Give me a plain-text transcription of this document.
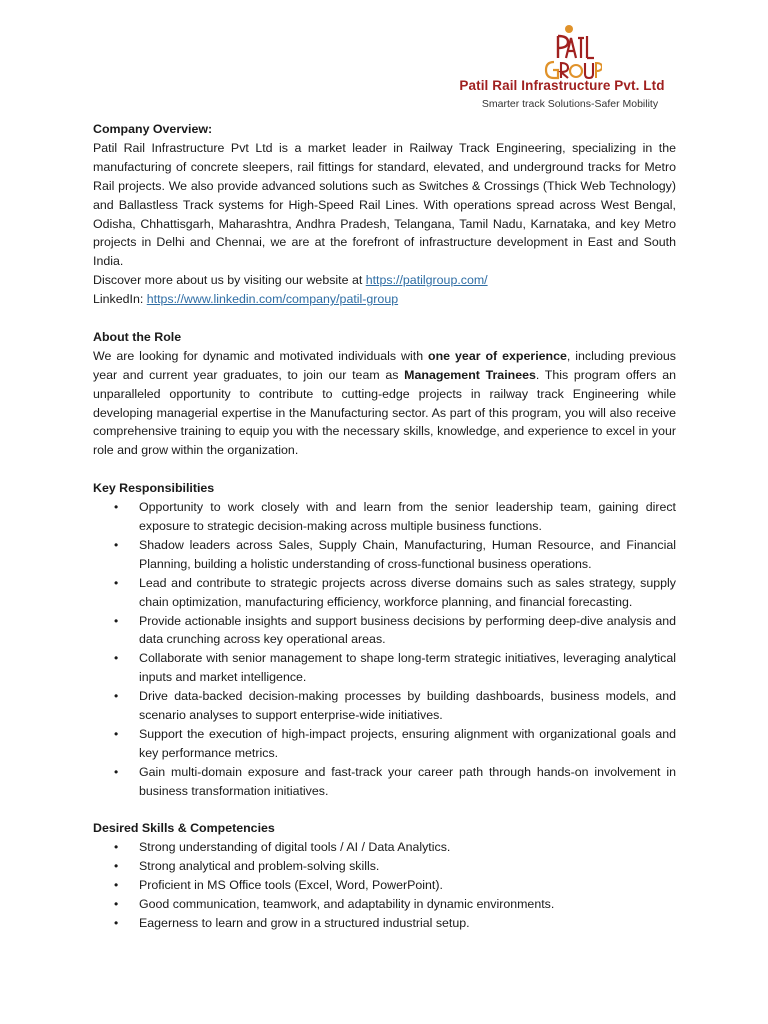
Patil Rail Infrastructure Pvt. Ltd
Smarter track Solutions-Safer Mobility

Company Overview:

Patil Rail Infrastructure Pvt Ltd is a market leader in Railway Track Engineering, specializing in the manufacturing of concrete sleepers, rail fittings for standard, elevated, and underground tracks for Metro Rail projects. We also provide advanced solutions such as Switches & Crossings (Thick Web Technology) and Ballastless Track systems for High-Speed Rail Lines. With operations spread across West Bengal, Odisha, Chhattisgarh, Maharashtra, Andhra Pradesh, Telangana, Tamil Nadu, Karnataka, and key Metro projects in Delhi and Chennai, we are at the forefront of infrastructure development in East and South India.

Discover more about us by visiting our website at https://patilgroup.com/

LinkedIn: https://www.linkedin.com/company/patil-group

About the Role

We are looking for dynamic and motivated individuals with one year of experience, including previous year and current year graduates, to join our team as Management Trainees. This program offers an unparalleled opportunity to contribute to cutting-edge projects in railway track Engineering while developing managerial expertise in the Manufacturing sector. As part of this program, you will also receive comprehensive training to equip you with the necessary skills, knowledge, and experience to excel in your role and grow within the organization.

Key Responsibilities

• Opportunity to work closely with and learn from the senior leadership team, gaining direct exposure to strategic decision-making across multiple business functions.
• Shadow leaders across Sales, Supply Chain, Manufacturing, Human Resource, and Financial Planning, building a holistic understanding of cross-functional business operations.
• Lead and contribute to strategic projects across diverse domains such as sales strategy, supply chain optimization, manufacturing efficiency, workforce planning, and financial forecasting.
• Provide actionable insights and support business decisions by performing deep-dive analysis and data crunching across key operational areas.
• Collaborate with senior management to shape long-term strategic initiatives, leveraging analytical inputs and market intelligence.
• Drive data-backed decision-making processes by building dashboards, business models, and scenario analyses to support enterprise-wide initiatives.
• Support the execution of high-impact projects, ensuring alignment with organizational goals and key performance metrics.
• Gain multi-domain exposure and fast-track your career path through hands-on involvement in business transformation initiatives.

Desired Skills & Competencies

• Strong understanding of digital tools / AI / Data Analytics.
• Strong analytical and problem-solving skills.
• Proficient in MS Office tools (Excel, Word, PowerPoint).
• Good communication, teamwork, and adaptability in dynamic environments.
• Eagerness to learn and grow in a structured industrial setup.
